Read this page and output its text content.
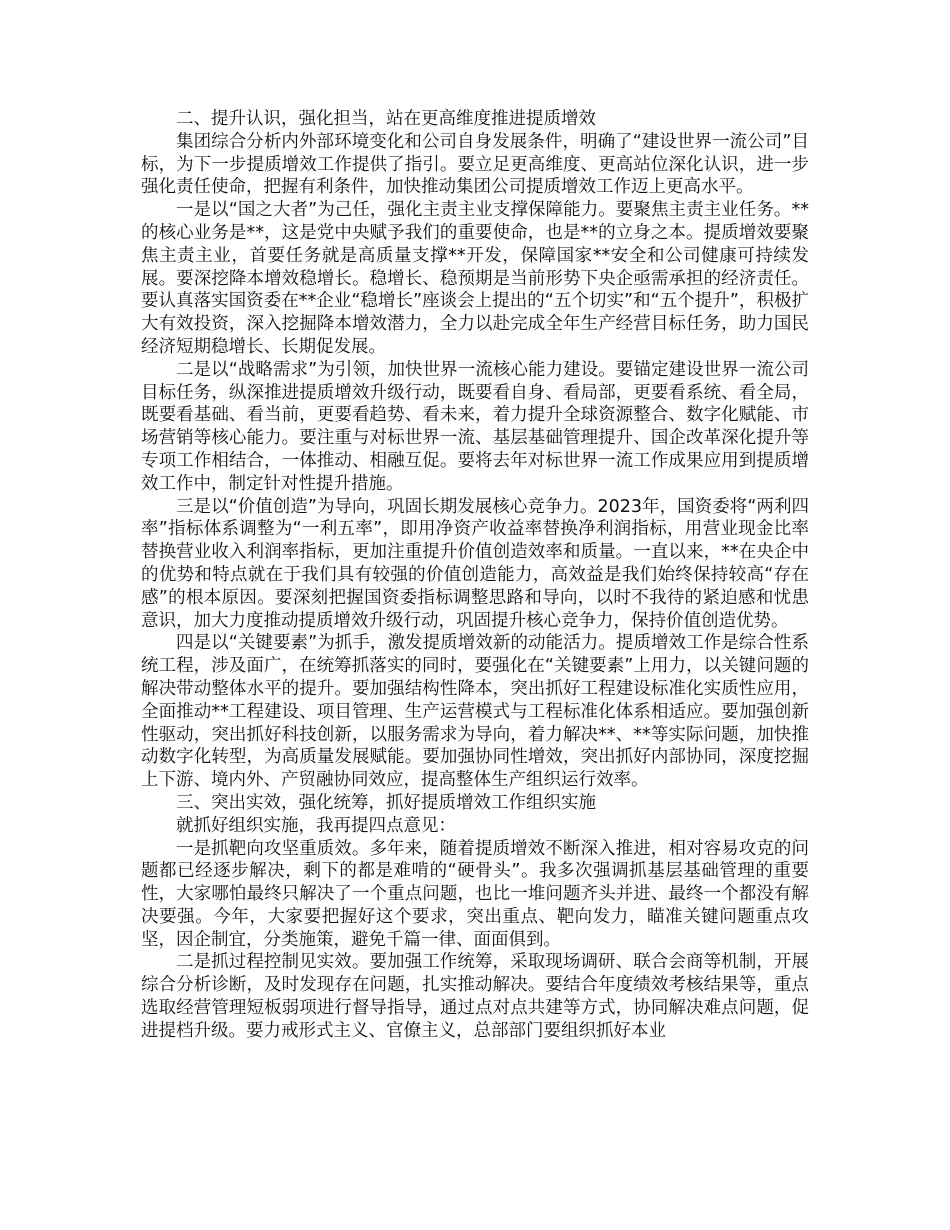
二、提升认识，强化担当，站在更高维度推进提质增效

集团综合分析内外部环境变化和公司自身发展条件，明确了“建设世界一流公司”目标，为下一步提质增效工作提供了指引。要立足更高维度、更高站位深化认识，进一步强化责任使命，把握有利条件，加快推动集团公司提质增效工作迈上更高水平。

一是以“国之大者”为己任，强化主责主业支撑保障能力。要聚焦主责主业任务。**的核心业务是**，这是党中央赋予我们的重要使命，也是**的立身之本。提质增效要聚焦主责主业，首要任务就是高质量支撑**开发，保障国家**安全和公司健康可持续发展。要深挖降本增效稳增长。稳增长、稳预期是当前形势下央企亟需承担的经济责任。要认真落实国资委在**企业“稳增长”座谈会上提出的“五个切实”和“五个提升”，积极扩大有效投资，深入挖掘降本增效潜力，全力以赴完成全年生产经营目标任务，助力国民经济短期稳增长、长期促发展。

二是以“战略需求”为引领，加快世界一流核心能力建设。要锚定建设世界一流公司目标任务，纵深推进提质增效升级行动，既要看自身、看局部，更要看系统、看全局，既要看基础、看当前，更要看趋势、看未来，着力提升全球资源整合、数字化赋能、市场营销等核心能力。要注重与对标世界一流、基层基础管理提升、国企改革深化提升等专项工作相结合，一体推动、相融互促。要将去年对标世界一流工作成果应用到提质增效工作中，制定针对性提升措施。

三是以“价值创造”为导向，巩固长期发展核心竞争力。2023年，国资委将“两利四率”指标体系调整为“一利五率”，即用净资产收益率替换净利润指标，用营业现金比率替换营业收入利润率指标，更加注重提升价值创造效率和质量。一直以来，**在央企中的优势和特点就在于我们具有较强的价值创造能力，高效益是我们始终保持较高“存在感”的根本原因。要深刻把握国资委指标调整思路和导向，以时不我待的紧迫感和忧患意识，加大力度推动提质增效升级行动，巩固提升核心竞争力，保持价值创造优势。

四是以“关键要素”为抓手，激发提质增效新的动能活力。提质增效工作是综合性系统工程，涉及面广，在统筹抓落实的同时，要强化在“关键要素”上用力，以关键问题的解决带动整体水平的提升。要加强结构性降本，突出抓好工程建设标准化实质性应用，全面推动**工程建设、项目管理、生产运营模式与工程标准化体系相适应。要加强创新性驱动，突出抓好科技创新，以服务需求为导向，着力解决**、**等实际问题，加快推动数字化转型，为高质量发展赋能。要加强协同性增效，突出抓好内部协同，深度挖掘上下游、境内外、产贸融协同效应，提高整体生产组织运行效率。

三、突出实效，强化统筹，抓好提质增效工作组织实施

就抓好组织实施，我再提四点意见：

一是抓靶向攻坚重质效。多年来，随着提质增效不断深入推进，相对容易攻克的问题都已经逐步解决，剩下的都是难啃的“硬骨头”。我多次强调抓基层基础管理的重要性，大家哪怕最终只解决了一个重点问题，也比一堆问题齐头并进、最终一个都没有解决要强。今年，大家要把握好这个要求，突出重点、靶向发力，瞄准关键问题重点攻坚，因企制宜，分类施策，避免千篇一律、面面俱到。

二是抓过程控制见实效。要加强工作统筹，采取现场调研、联合会商等机制，开展综合分析诊断，及时发现存在问题，扎实推动解决。要结合年度绩效考核结果等，重点选取经营管理短板弱项进行督导指导，通过点对点共建等方式，协同解决难点问题，促进提档升级。要力戒形式主义、官僚主义，总部部门要组织抓好本业
